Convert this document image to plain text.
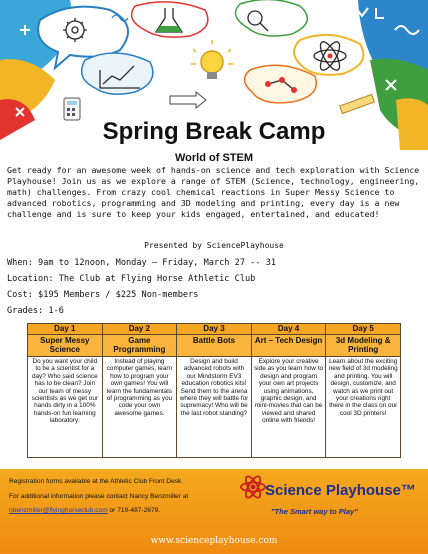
Spring Break Camp
World of STEM

Get ready for an awesome week of hands-on science and tech exploration with Science Playhouse! Join us as we explore a range of STEM (Science, technology, engineering, math) challenges. From crazy cool chemical reactions in Super Messy Science to advanced robotics, programming and 3D modeling and printing, every day is a new challenge and is sure to keep your kids engaged, entertained, and educated!

Presented by SciencePlayhouse
When: 9am to 12noon, Monday – Friday, March 27 -- 31
Location: The Club at Flying Horse Athletic Club
Cost: $195 Members / $225 Non-members
Grades: 1-6
Day 1	Day 2	Day 3	Day 4	Day 5
Super Messy Science	Game Programming	Battle Bots	Art – Tech Design	3d Modeling & Printing

Do you want your child to be a scientist for a day? Who said science has to be clean? Join our team of messy scientists as we get our hands dirty in a 100% hands-on fun learning laboratory:	Instead of playing computer games, learn how to program your own games! You will learn the fundamentals of programming as you code your own awesome games.	Design and build advanced robots with our Mindstorm EV3 education robotics kits! Send them to the arena where they will battle for supremacy! Who will be the last robot standing?	Explore your creative side as you learn how to design and program your own art projects using animations, graphic design, and mini-movies that can be viewed and shared online with friends!	Learn about the exciting new field of 3d modeling and printing. You will design, customize, and watch as we print out your creations right there in the class on our cool 3D printers!
Registration forms available at the Athletic Club Front Desk.
For additional information please contact Nancy Benzmiller at
nbenzmiller@flyinghorseclub.com or 719-487-2679.
Science Playhouse™
"The Smart way to Play"
www.scienceplayhouse.com
